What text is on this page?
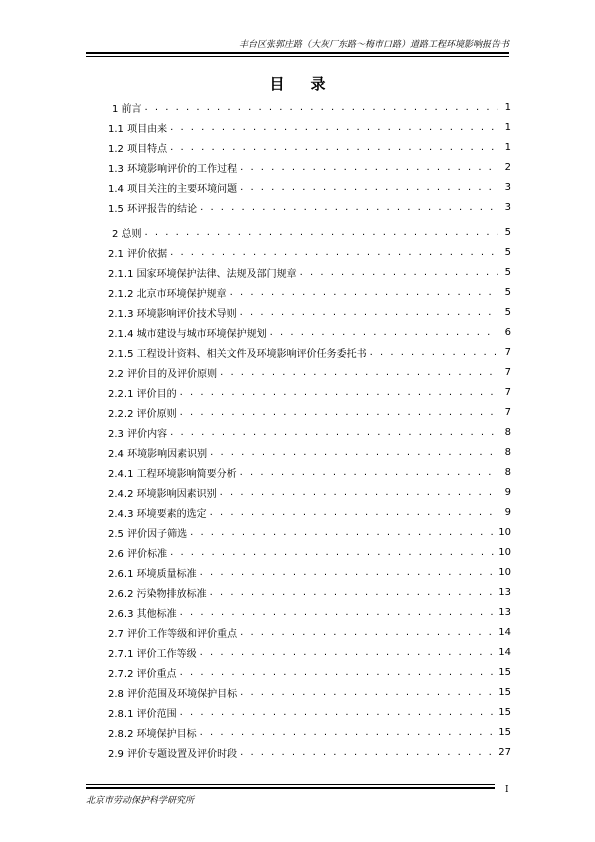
丰台区张郭庄路（大灰厂东路～梅市口路）道路工程环境影响报告书
目录
1 前言 . . .	1
1.1 项目由来 . . .	1
1.2 项目特点 . . .	1
1.3 环境影响评价的工作过程 . . .	2
1.4 项目关注的主要环境问题 . . .	3
1.5 环评报告的结论 . . .	3
2 总则 . . .	5
2.1 评价依据 . . .	5
2.1.1 国家环境保护法律、法规及部门规章 . . .	5
2.1.2 北京市环境保护规章 . . .	5
2.1.3 环境影响评价技术导则 . . .	5
2.1.4 城市建设与城市环境保护规划 . . .	6
2.1.5 工程设计资料、相关文件及环境影响评价任务委托书 . . .	7
2.2 评价目的及评价原则 . . .	7
2.2.1 评价目的 . . .	7
2.2.2 评价原则 . . .	7
2.3 评价内容 . . .	8
2.4 环境影响因素识别 . . .	8
2.4.1 工程环境影响简要分析 . . .	8
2.4.2 环境影响因素识别 . . .	9
2.4.3 环境要素的选定 . . .	9
2.5 评价因子筛选 . . .	10
2.6 评价标准 . . .	10
2.6.1 环境质量标准 . . .	10
2.6.2 污染物排放标准 . . .	13
2.6.3 其他标准 . . .	13
2.7 评价工作等级和评价重点 . . .	14
2.7.1 评价工作等级 . . .	14
2.7.2 评价重点 . . .	15
2.8 评价范围及环境保护目标 . . .	15
2.8.1 评价范围 . . .	15
2.8.2 环境保护目标 . . .	15
2.9 评价专题设置及评价时段 . . .	27
北京市劳动保护科学研究所
I
